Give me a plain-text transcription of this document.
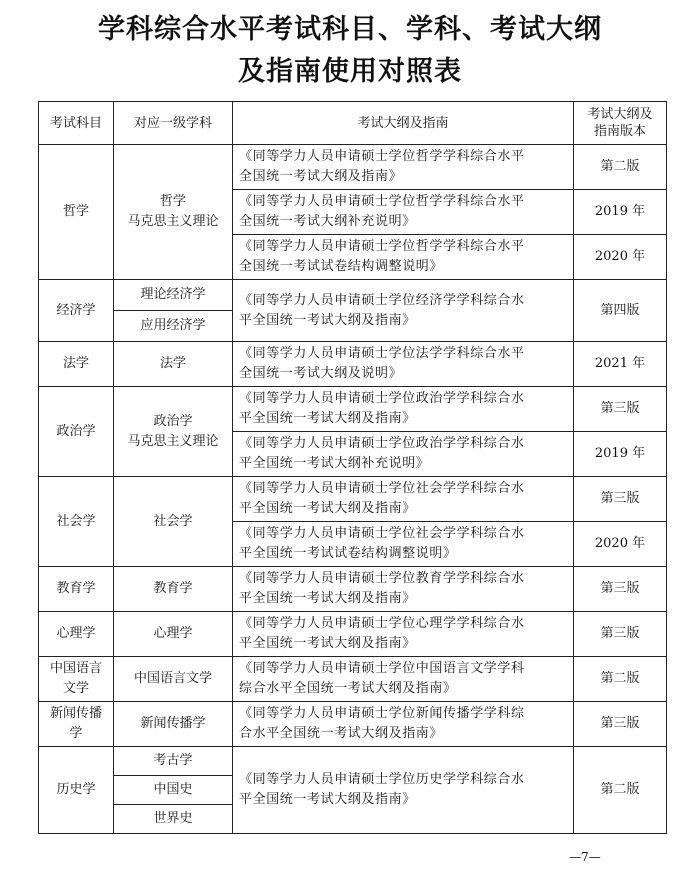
学科综合水平考试科目、学科、考试大纲
及指南使用对照表
考试科目	对应一级学科	考试大纲及指南	考试大纲及
指南版本
哲学	哲学
马克思主义理论	《同等学力人员申请硕士学位哲学学科综合水平
全国统一考试大纲及指南》	第二版
		《同等学力人员申请硕士学位哲学学科综合水平
全国统一考试大纲补充说明》	2019 年
		《同等学力人员申请硕士学位哲学学科综合水平
全国统一考试试卷结构调整说明》	2020 年
经济学	理论经济学	《同等学力人员申请硕士学位经济学学科综合水
平全国统一考试大纲及指南》	第四版
	应用经济学		
法学	法学	《同等学力人员申请硕士学位法学学科综合水平
全国统一考试大纲及说明》	2021 年
政治学	政治学
马克思主义理论	《同等学力人员申请硕士学位政治学学科综合水
平全国统一考试大纲及指南》	第三版
		《同等学力人员申请硕士学位政治学学科综合水
平全国统一考试大纲补充说明》	2019 年
社会学	社会学	《同等学力人员申请硕士学位社会学学科综合水
平全国统一考试大纲及指南》	第三版
		《同等学力人员申请硕士学位社会学学科综合水
平全国统一考试试卷结构调整说明》	2020 年
教育学	教育学	《同等学力人员申请硕士学位教育学学科综合水
平全国统一考试大纲及指南》	第三版
心理学	心理学	《同等学力人员申请硕士学位心理学学科综合水
平全国统一考试大纲及指南》	第三版
中国语言
文学	中国语言文学	《同等学力人员申请硕士学位中国语言文学学科
综合水平全国统一考试大纲及指南》	第二版
新闻传播
学	新闻传播学	《同等学力人员申请硕士学位新闻传播学学科综
合水平全国统一考试大纲及指南》	第三版
历史学	考古学	《同等学力人员申请硕士学位历史学学科综合水
平全国统一考试大纲及指南》	第二版
	中国史		
	世界史		
—7—
